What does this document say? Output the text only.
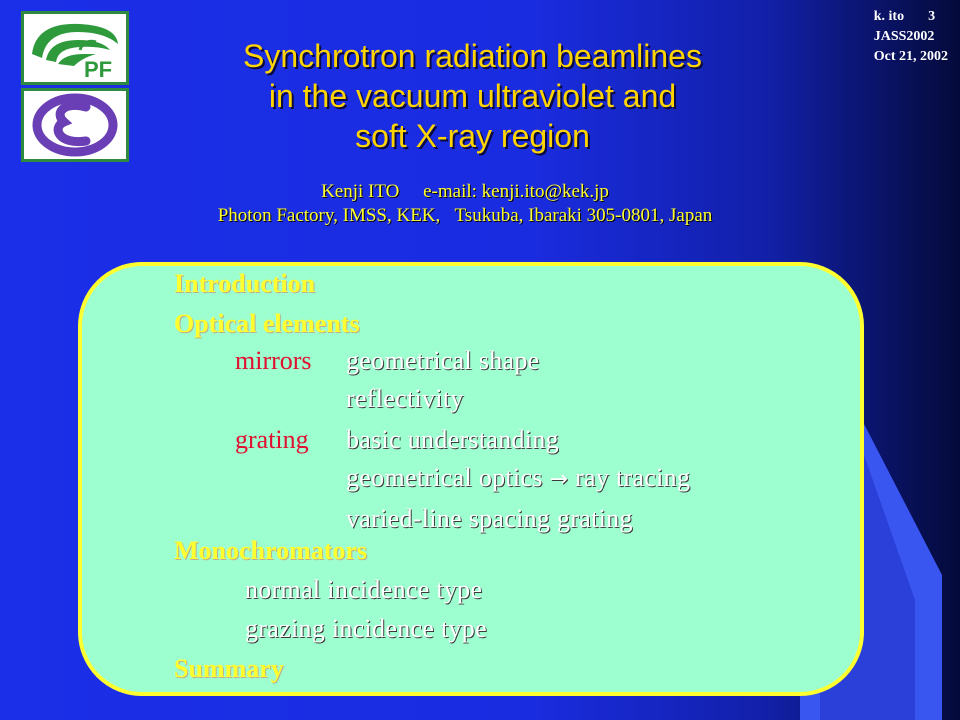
PF
k. ito 3
JASS2002
Oct 21, 2002
Synchrotron radiation beamlines
in the vacuum ultraviolet and
soft X-ray region
Kenji ITO     e-mail: kenji.ito@kek.jp
Photon Factory, IMSS, KEK,   Tsukuba, Ibaraki 305-0801, Japan
Introduction
Optical elements
mirrors geometrical shape
reflectivity
grating basic understanding
geometrical optics → ray tracing
varied-line spacing grating
Monochromators
normal incidence type
grazing incidence type
Summary
